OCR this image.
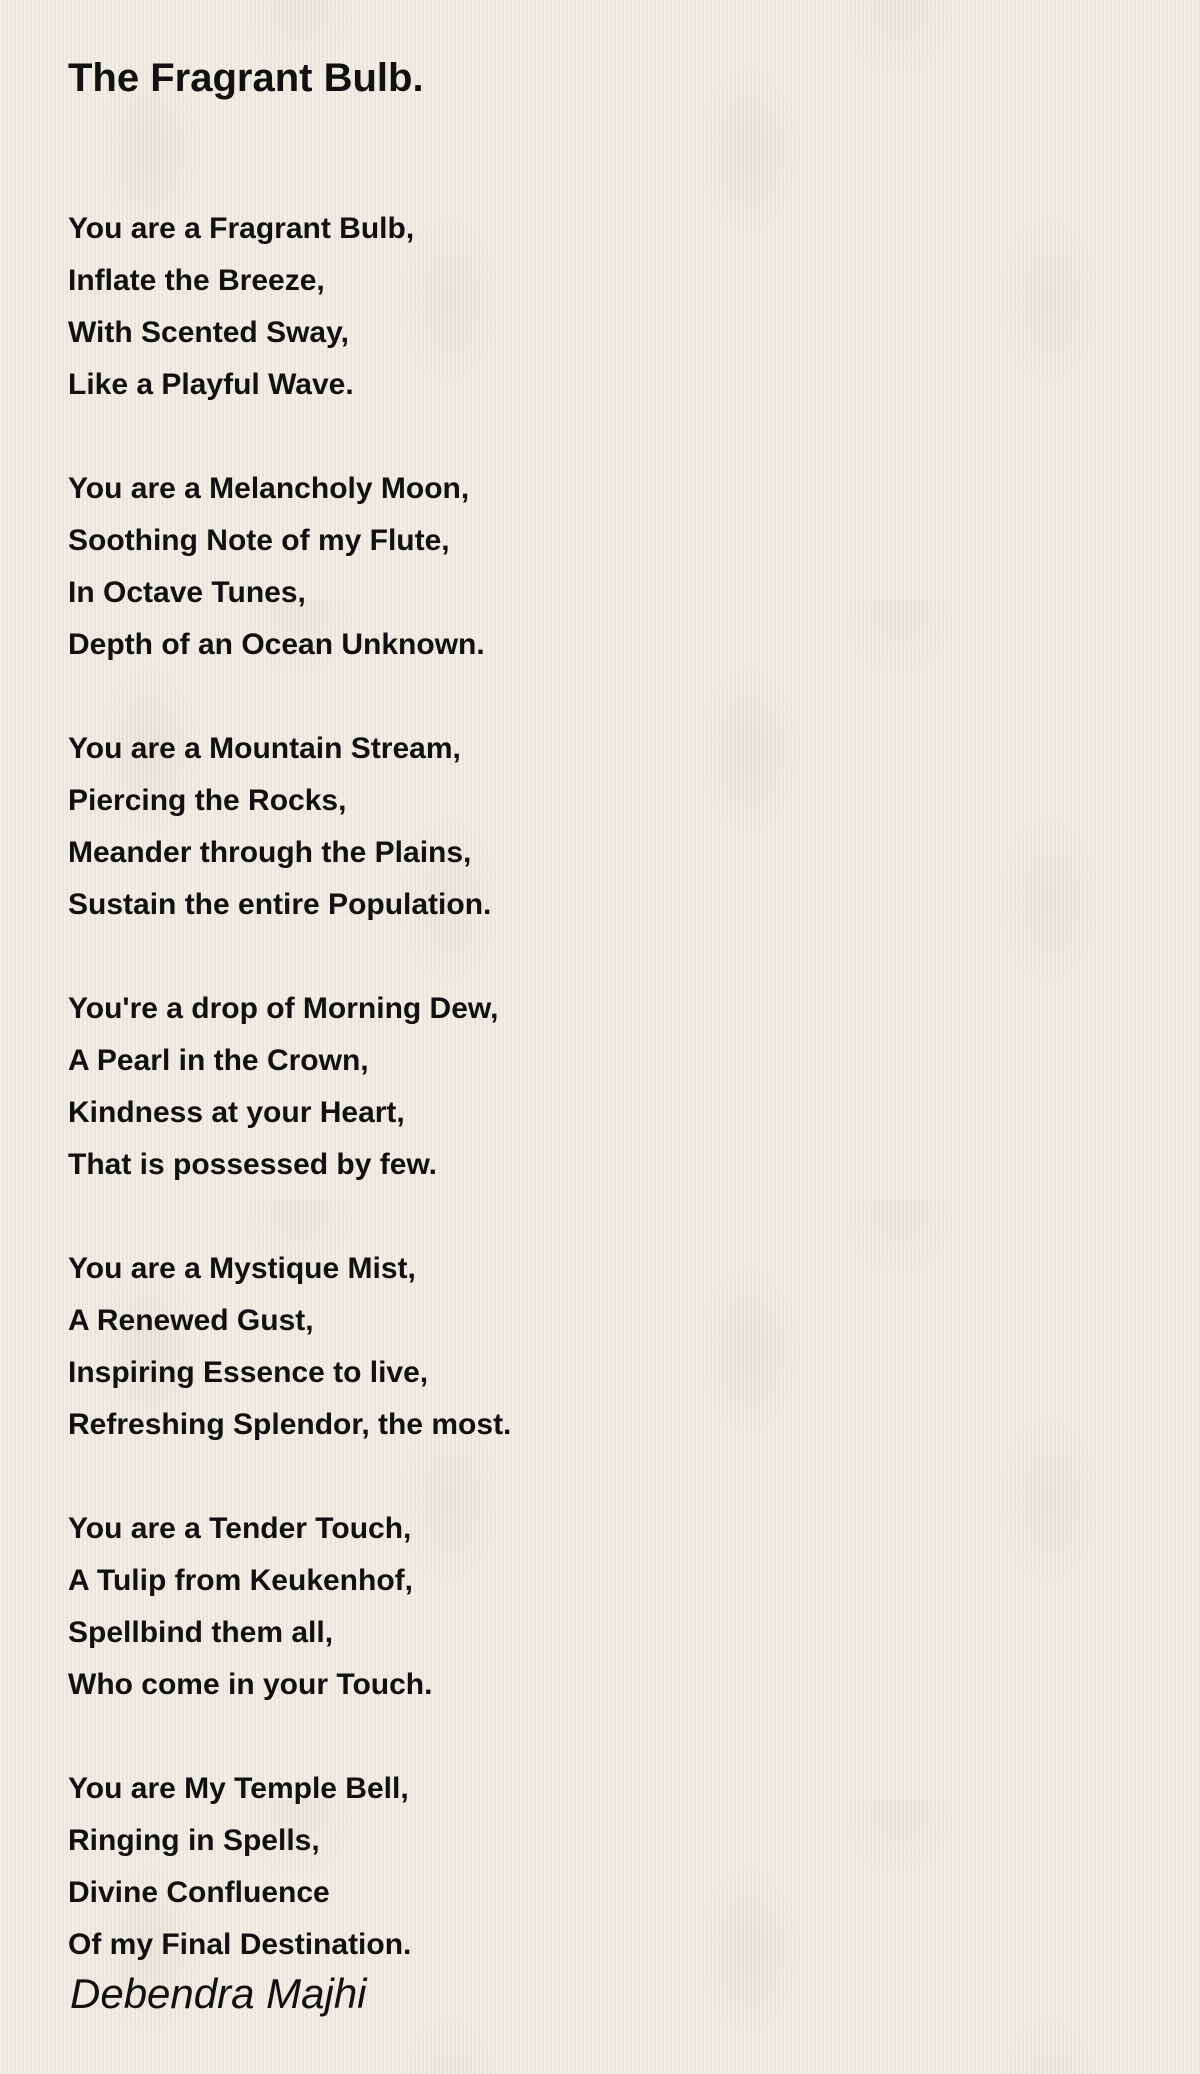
The Fragrant Bulb.
You are a Fragrant Bulb,
Inflate the Breeze,
With Scented Sway,
Like a Playful Wave.
You are a Melancholy Moon,
Soothing Note of my Flute,
In Octave Tunes,
Depth of an Ocean Unknown.
You are a Mountain Stream,
Piercing the Rocks,
Meander through the Plains,
Sustain the entire Population.
You're a drop of Morning Dew,
A Pearl in the Crown,
Kindness at your Heart,
That is possessed by few.
You are a Mystique Mist,
A Renewed Gust,
Inspiring Essence to live,
Refreshing Splendor, the most.
You are a Tender Touch,
A Tulip from Keukenhof,
Spellbind them all,
Who come in your Touch.
You are My Temple Bell,
Ringing in Spells,
Divine Confluence
Of my Final Destination.
Debendra Majhi
